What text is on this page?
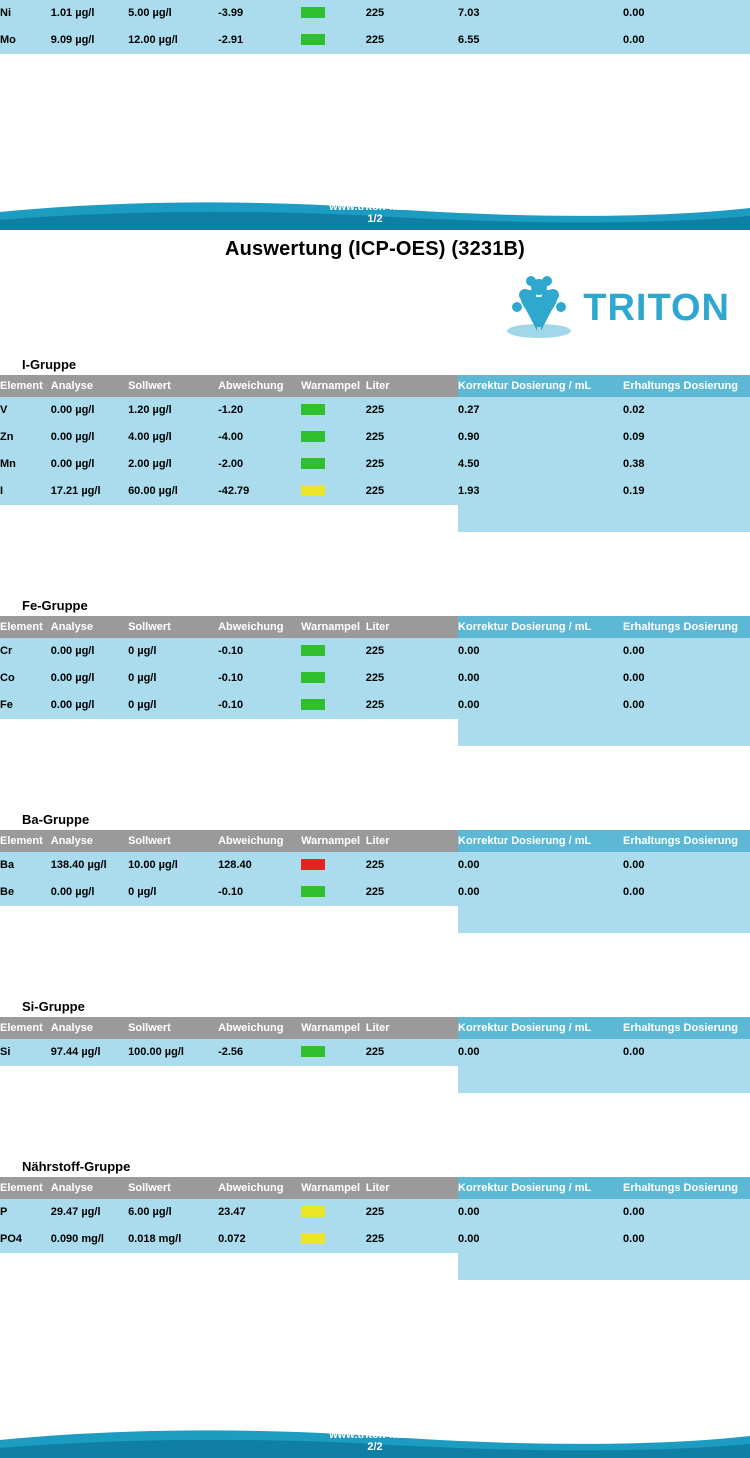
Ni	1.01 µg/l	5.00 µg/l	-3.99		225	7.03	0.00
Mo	9.09 µg/l	12.00 µg/l	-2.91		225	6.55	0.00
www.triton-lab.de
1/2
Auswertung (ICP-OES) (3231B)
TRITON
I-Gruppe
Element	Analyse	Sollwert	Abweichung	Warnampel	Liter	Korrektur Dosierung / mL	Erhaltungs Dosierung
V	0.00 µg/l	1.20 µg/l	-1.20		225	0.27	0.02
Zn	0.00 µg/l	4.00 µg/l	-4.00		225	0.90	0.09
Mn	0.00 µg/l	2.00 µg/l	-2.00		225	4.50	0.38
I	17.21 µg/l	60.00 µg/l	-42.79		225	1.93	0.19

Fe-Gruppe
Element	Analyse	Sollwert	Abweichung	Warnampel	Liter	Korrektur Dosierung / mL	Erhaltungs Dosierung
Cr	0.00 µg/l	0 µg/l	-0.10		225	0.00	0.00
Co	0.00 µg/l	0 µg/l	-0.10		225	0.00	0.00
Fe	0.00 µg/l	0 µg/l	-0.10		225	0.00	0.00

Ba-Gruppe
Element	Analyse	Sollwert	Abweichung	Warnampel	Liter	Korrektur Dosierung / mL	Erhaltungs Dosierung
Ba	138.40 µg/l	10.00 µg/l	128.40		225	0.00	0.00
Be	0.00 µg/l	0 µg/l	-0.10		225	0.00	0.00

Si-Gruppe
Element	Analyse	Sollwert	Abweichung	Warnampel	Liter	Korrektur Dosierung / mL	Erhaltungs Dosierung
Si	97.44 µg/l	100.00 µg/l	-2.56		225	0.00	0.00

Nährstoff-Gruppe
Element	Analyse	Sollwert	Abweichung	Warnampel	Liter	Korrektur Dosierung / mL	Erhaltungs Dosierung
P	29.47 µg/l	6.00 µg/l	23.47		225	0.00	0.00
PO4	0.090 mg/l	0.018 mg/l	0.072		225	0.00	0.00

www.triton-lab.de
2/2
